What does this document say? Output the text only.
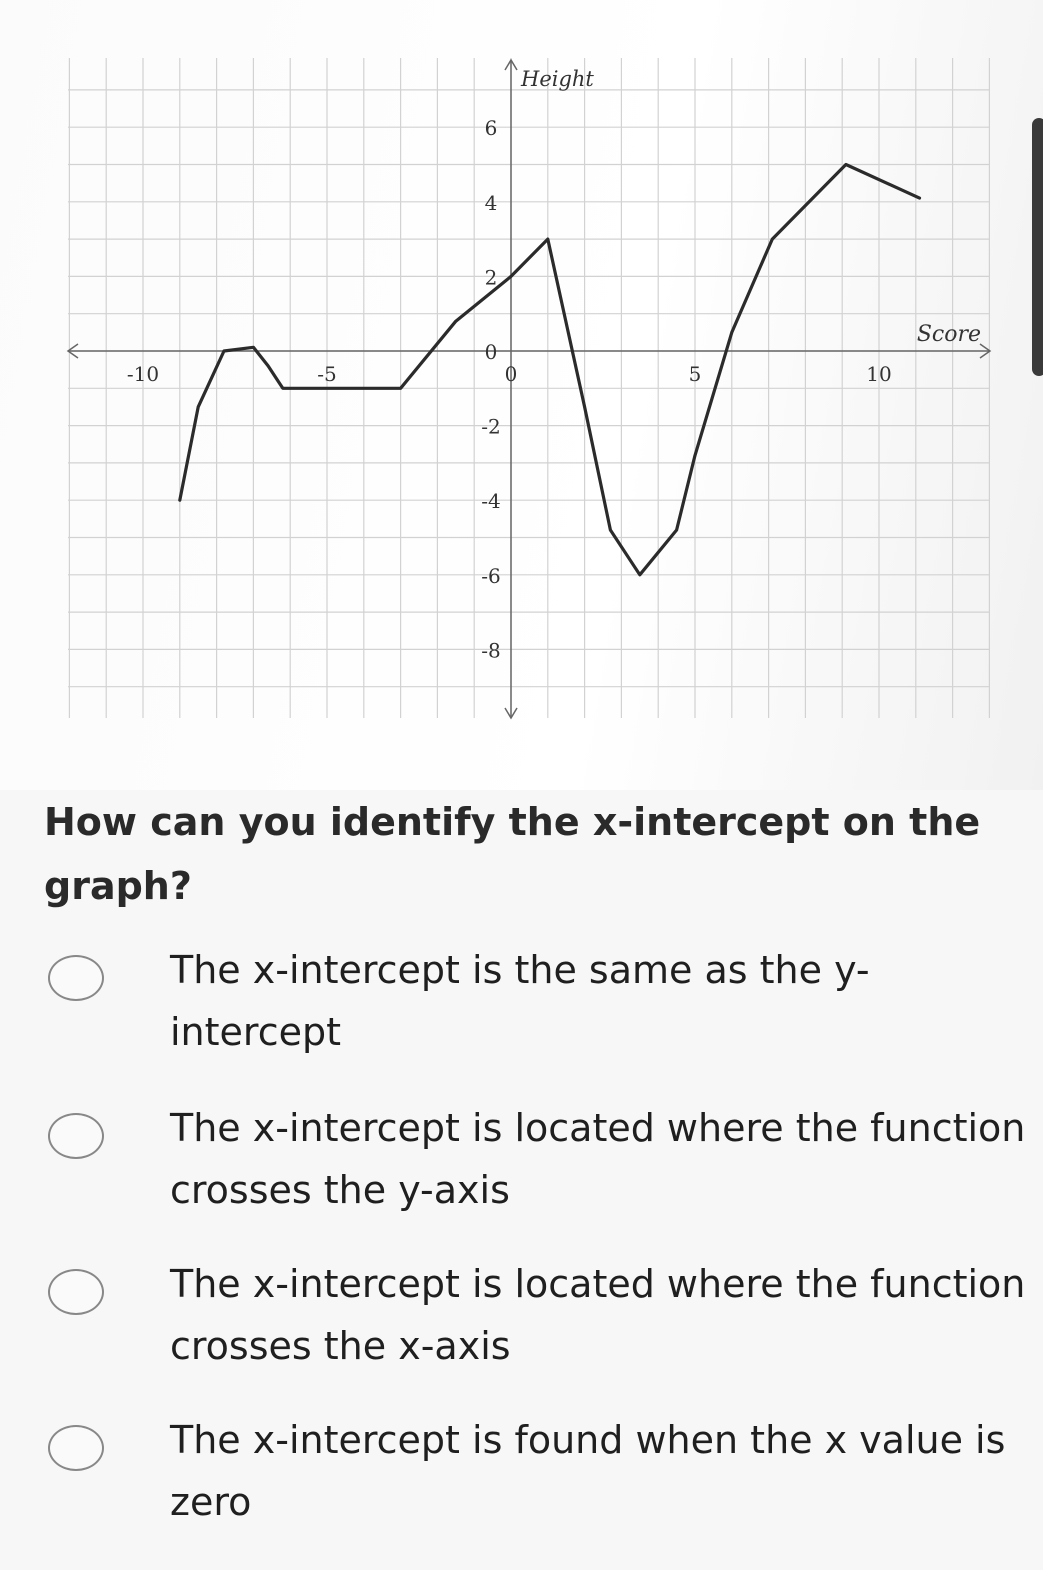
-10	-5	0	5	10
6
4
2
0
-2
-4
-6
-8
Height
Score
How can you identify the x-intercept on the graph?
The x-intercept is the same as the y-intercept
The x-intercept is located where the function crosses the y-axis
The x-intercept is located where the function crosses the x-axis
The x-intercept is found when the x value is zero
